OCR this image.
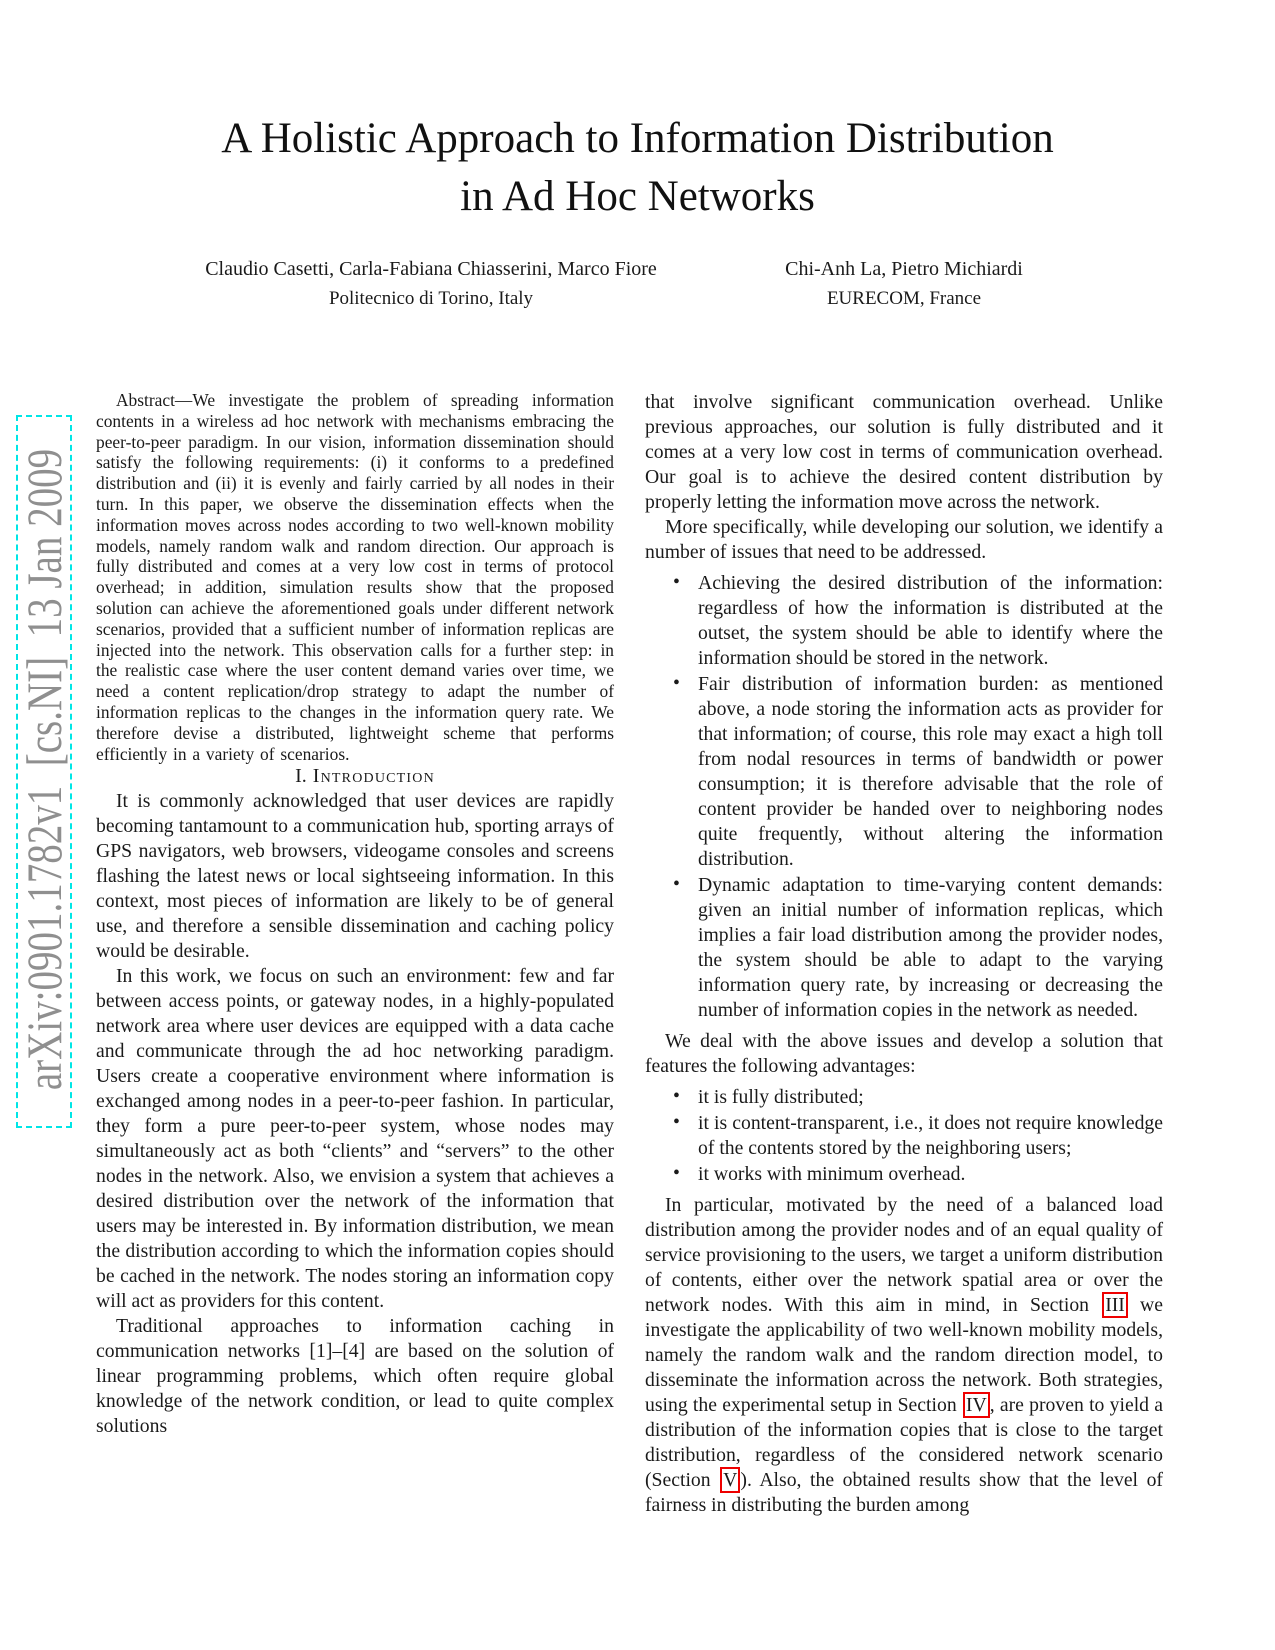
arXiv:0901.1782v1  [cs.NI]  13 Jan 2009
A Holistic Approach to Information Distribution
in Ad Hoc Networks
Claudio Casetti, Carla-Fabiana Chiasserini, Marco Fiore
Politecnico di Torino, Italy
Chi-Anh La, Pietro Michiardi
EURECOM, France

Abstract—We investigate the problem of spreading information contents in a wireless ad hoc network with mechanisms embracing the peer-to-peer paradigm. In our vision, information dissemination should satisfy the following requirements: (i) it conforms to a predefined distribution and (ii) it is evenly and fairly carried by all nodes in their turn. In this paper, we observe the dissemination effects when the information moves across nodes according to two well-known mobility models, namely random walk and random direction. Our approach is fully distributed and comes at a very low cost in terms of protocol overhead; in addition, simulation results show that the proposed solution can achieve the aforementioned goals under different network scenarios, provided that a sufficient number of information replicas are injected into the network. This observation calls for a further step: in the realistic case where the user content demand varies over time, we need a content replication/drop strategy to adapt the number of information replicas to the changes in the information query rate. We therefore devise a distributed, lightweight scheme that performs efficiently in a variety of scenarios.

I. Introduction

It is commonly acknowledged that user devices are rapidly becoming tantamount to a communication hub, sporting arrays of GPS navigators, web browsers, videogame consoles and screens flashing the latest news or local sightseeing information. In this context, most pieces of information are likely to be of general use, and therefore a sensible dissemination and caching policy would be desirable.

In this work, we focus on such an environment: few and far between access points, or gateway nodes, in a highly-populated network area where user devices are equipped with a data cache and communicate through the ad hoc networking paradigm. Users create a cooperative environment where information is exchanged among nodes in a peer-to-peer fashion. In particular, they form a pure peer-to-peer system, whose nodes may simultaneously act as both “clients” and “servers” to the other nodes in the network. Also, we envision a system that achieves a desired distribution over the network of the information that users may be interested in. By information distribution, we mean the distribution according to which the information copies should be cached in the network. The nodes storing an information copy will act as providers for this content.

Traditional approaches to information caching in communication networks [1]–[4] are based on the solution of linear programming problems, which often require global knowledge of the network condition, or lead to quite complex solutions

that involve significant communication overhead. Unlike previous approaches, our solution is fully distributed and it comes at a very low cost in terms of communication overhead. Our goal is to achieve the desired content distribution by properly letting the information move across the network.

More specifically, while developing our solution, we identify a number of issues that need to be addressed.

• Achieving the desired distribution of the information: regardless of how the information is distributed at the outset, the system should be able to identify where the information should be stored in the network.
• Fair distribution of information burden: as mentioned above, a node storing the information acts as provider for that information; of course, this role may exact a high toll from nodal resources in terms of bandwidth or power consumption; it is therefore advisable that the role of content provider be handed over to neighboring nodes quite frequently, without altering the information distribution.
• Dynamic adaptation to time-varying content demands: given an initial number of information replicas, which implies a fair load distribution among the provider nodes, the system should be able to adapt to the varying information query rate, by increasing or decreasing the number of information copies in the network as needed.

We deal with the above issues and develop a solution that features the following advantages:

• it is fully distributed;
• it is content-transparent, i.e., it does not require knowledge of the contents stored by the neighboring users;
• it works with minimum overhead.

In particular, motivated by the need of a balanced load distribution among the provider nodes and of an equal quality of service provisioning to the users, we target a uniform distribution of contents, either over the network spatial area or over the network nodes. With this aim in mind, in Section III we investigate the applicability of two well-known mobility models, namely the random walk and the random direction model, to disseminate the information across the network. Both strategies, using the experimental setup in Section IV , are proven to yield a distribution of the information copies that is close to the target distribution, regardless of the considered network scenario (Section V ). Also, the obtained results show that the level of fairness in distributing the burden among
